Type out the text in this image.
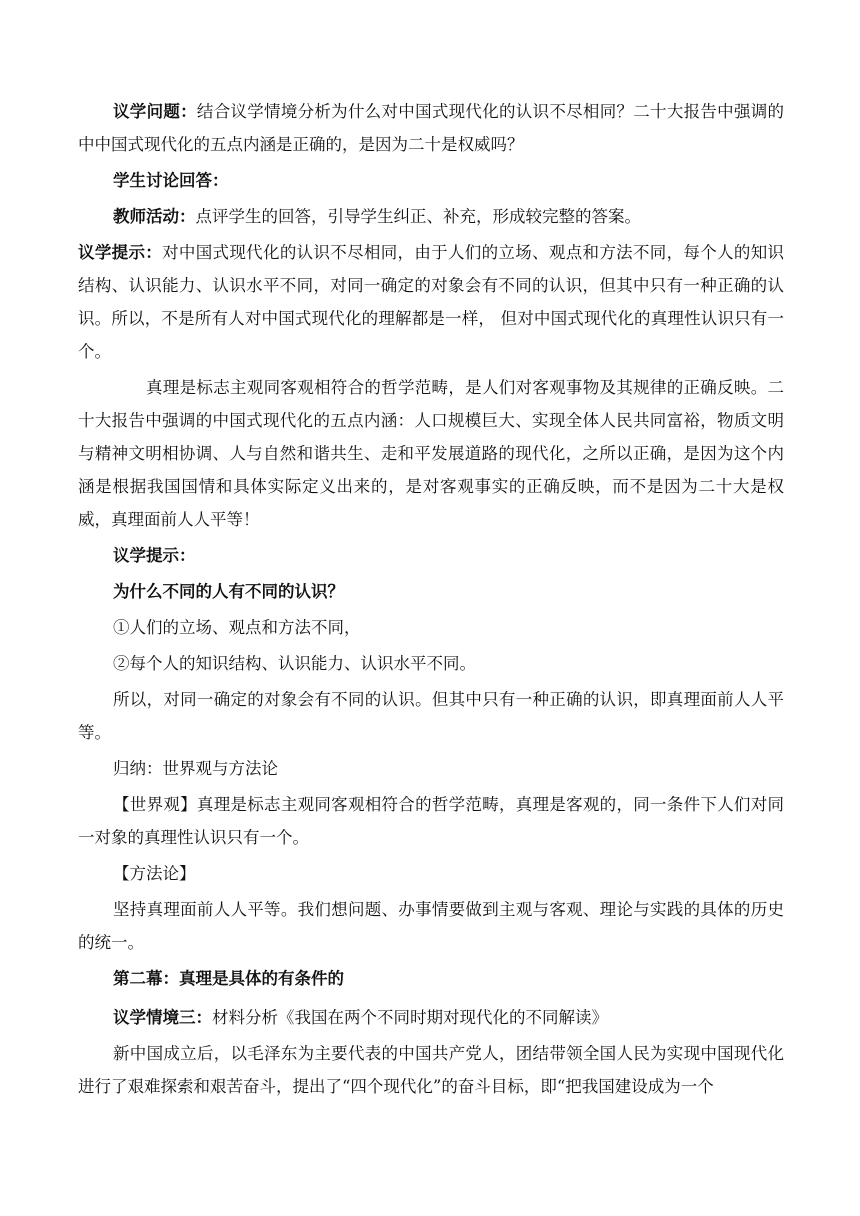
议学问题：结合议学情境分析为什么对中国式现代化的认识不尽相同？二十大报告中强调的中中国式现代化的五点内涵是正确的，是因为二十是权威吗？

学生讨论回答：

教师活动：点评学生的回答，引导学生纠正、补充，形成较完整的答案。

议学提示：对中国式现代化的认识不尽相同，由于人们的立场、观点和方法不同，每个人的知识结构、认识能力、认识水平不同，对同一确定的对象会有不同的认识，但其中只有一种正确的认识。所以，不是所有人对中国式现代化的理解都是一样， 但对中国式现代化的真理性认识只有一个。

真理是标志主观同客观相符合的哲学范畴，是人们对客观事物及其规律的正确反映。二十大报告中强调的中国式现代化的五点内涵：人口规模巨大、实现全体人民共同富裕，物质文明与精神文明相协调、人与自然和谐共生、走和平发展道路的现代化，之所以正确，是因为这个内涵是根据我国国情和具体实际定义出来的，是对客观事实的正确反映，而不是因为二十大是权威，真理面前人人平等！

议学提示：

为什么不同的人有不同的认识？

①人们的立场、观点和方法不同，

②每个人的知识结构、认识能力、认识水平不同。

所以，对同一确定的对象会有不同的认识。但其中只有一种正确的认识，即真理面前人人平等。

归纳：世界观与方法论

【世界观】真理是标志主观同客观相符合的哲学范畴，真理是客观的，同一条件下人们对同一对象的真理性认识只有一个。

【方法论】

坚持真理面前人人平等。我们想问题、办事情要做到主观与客观、理论与实践的具体的历史的统一。

第二幕：真理是具体的有条件的

议学情境三：材料分析《我国在两个不同时期对现代化的不同解读》

新中国成立后，以毛泽东为主要代表的中国共产党人，团结带领全国人民为实现中国现代化进行了艰难探索和艰苦奋斗，提出了“四个现代化”的奋斗目标，即“把我国建设成为一个
